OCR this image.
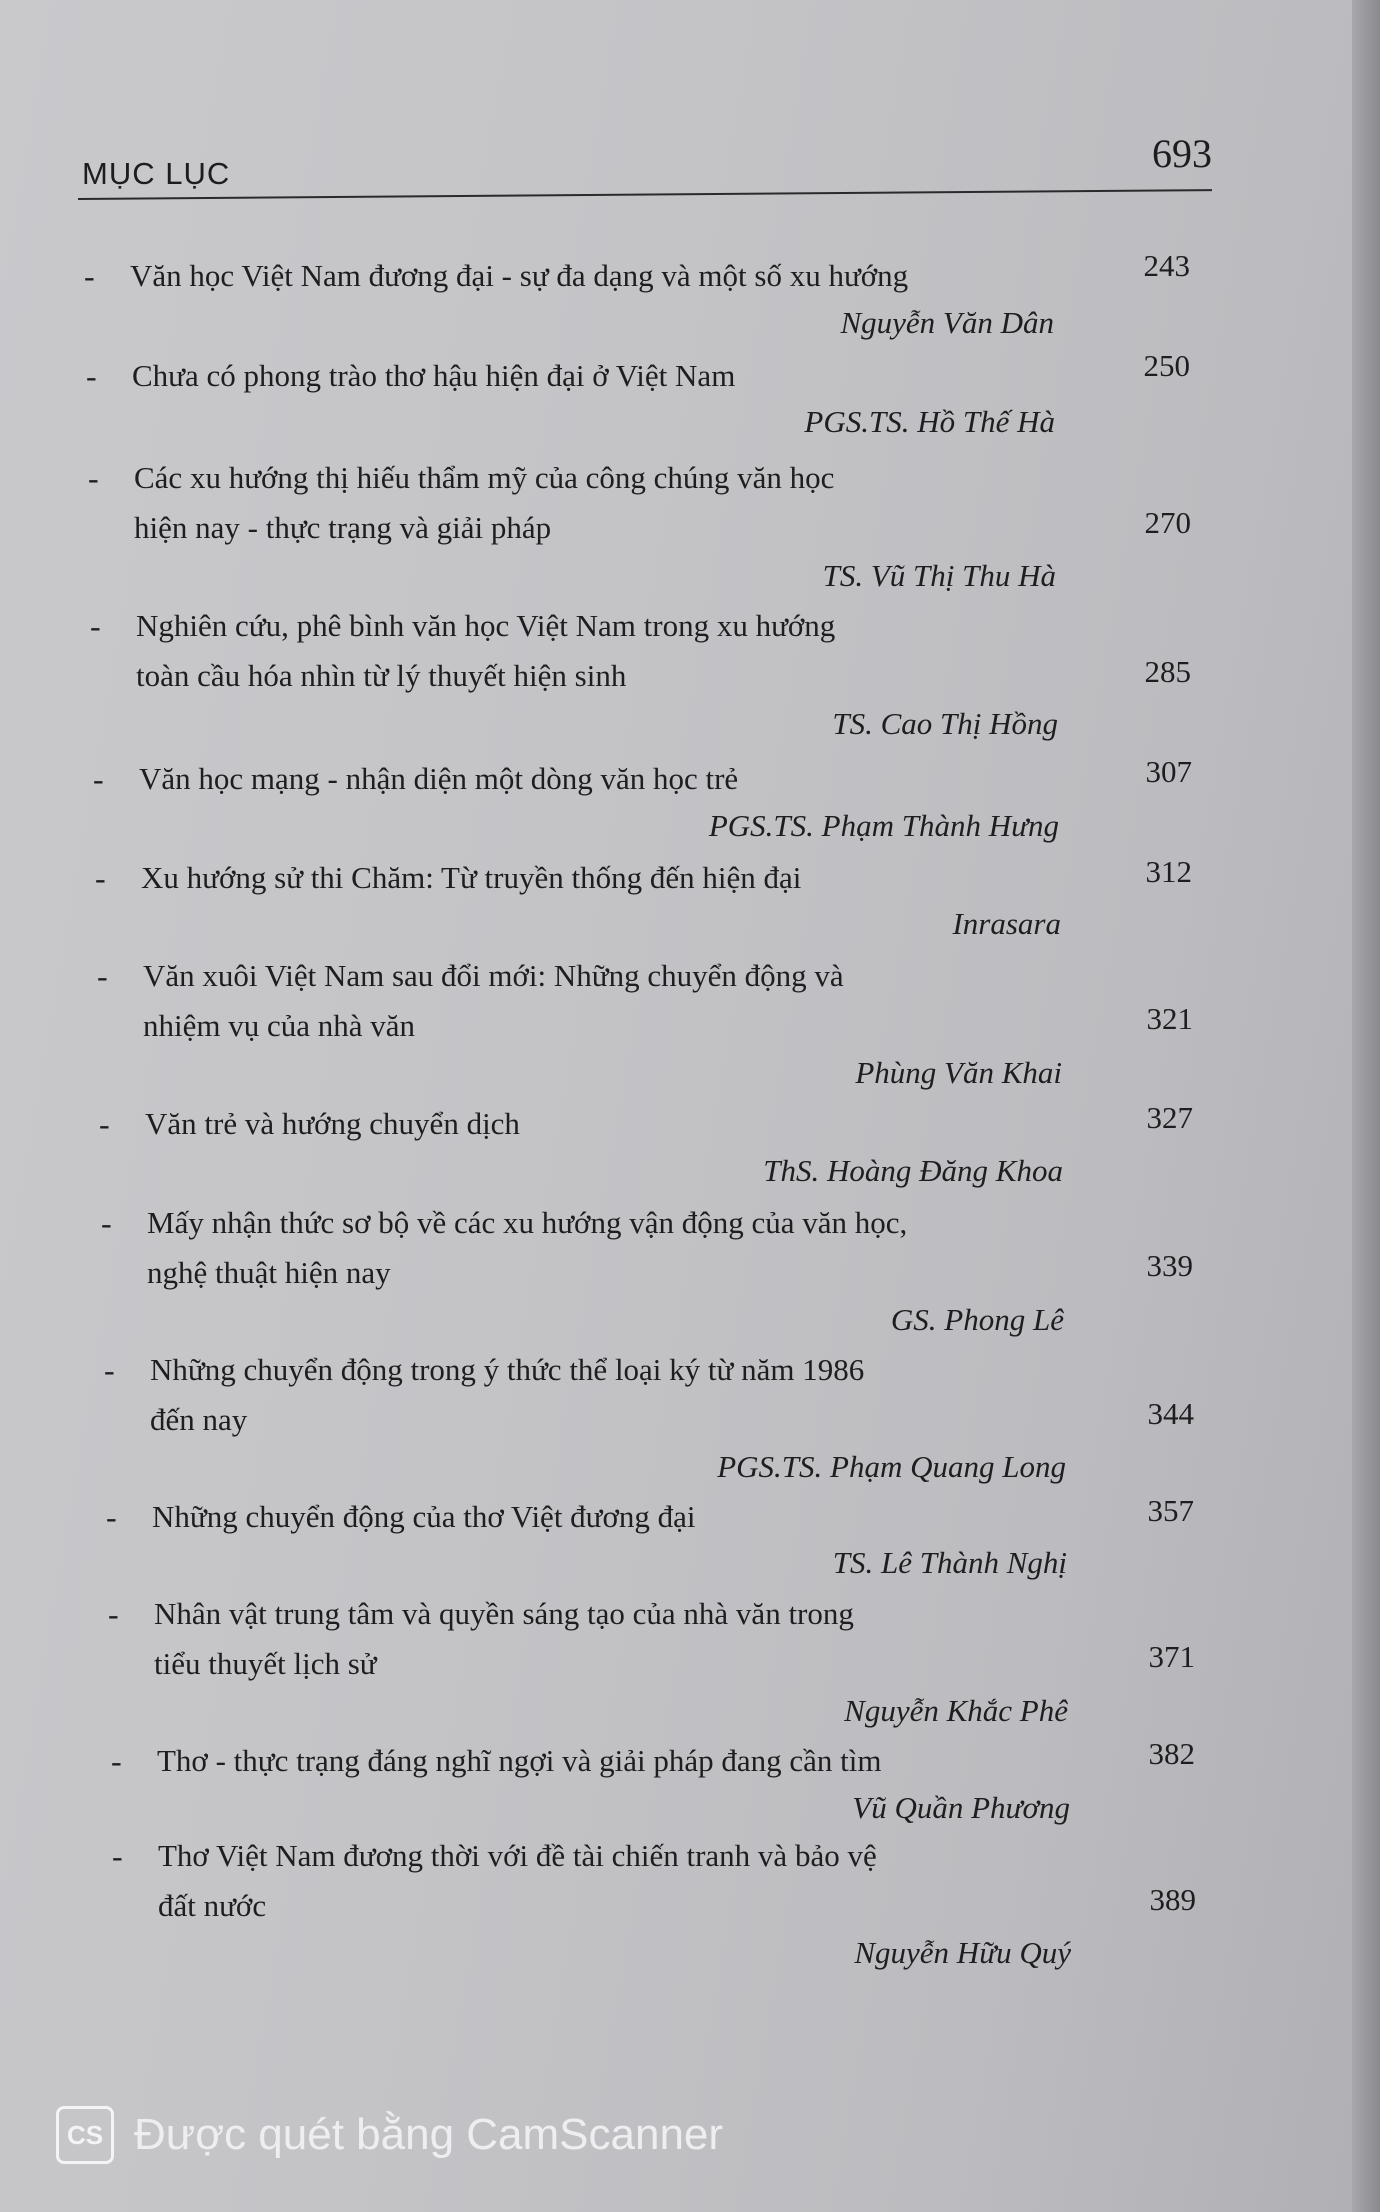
MỤC LỤC	693
- Văn học Việt Nam đương đại - sự đa dạng và một số xu hướng
Nguyễn Văn Dân
243
- Chưa có phong trào thơ hậu hiện đại ở Việt Nam
PGS.TS. Hồ Thế Hà
250
- Các xu hướng thị hiếu thẩm mỹ của công chúng văn học
hiện nay - thực trạng và giải pháp
TS. Vũ Thị Thu Hà
270
- Nghiên cứu, phê bình văn học Việt Nam trong xu hướng
toàn cầu hóa nhìn từ lý thuyết hiện sinh
TS. Cao Thị Hồng
285
- Văn học mạng - nhận diện một dòng văn học trẻ
PGS.TS. Phạm Thành Hưng
307
- Xu hướng sử thi Chăm: Từ truyền thống đến hiện đại
Inrasara
312
- Văn xuôi Việt Nam sau đổi mới: Những chuyển động và
nhiệm vụ của nhà văn
Phùng Văn Khai
321
- Văn trẻ và hướng chuyển dịch
ThS. Hoàng Đăng Khoa
327
- Mấy nhận thức sơ bộ về các xu hướng vận động của văn học,
nghệ thuật hiện nay
GS. Phong Lê
339
- Những chuyển động trong ý thức thể loại ký từ năm 1986
đến nay
PGS.TS. Phạm Quang Long
344
- Những chuyển động của thơ Việt đương đại
TS. Lê Thành Nghị
357
- Nhân vật trung tâm và quyền sáng tạo của nhà văn trong
tiểu thuyết lịch sử
Nguyễn Khắc Phê
371
- Thơ - thực trạng đáng nghĩ ngợi và giải pháp đang cần tìm
Vũ Quần Phương
382
- Thơ Việt Nam đương thời với đề tài chiến tranh và bảo vệ
đất nước
Nguyễn Hữu Quý
389
CS Được quét bằng CamScanner
